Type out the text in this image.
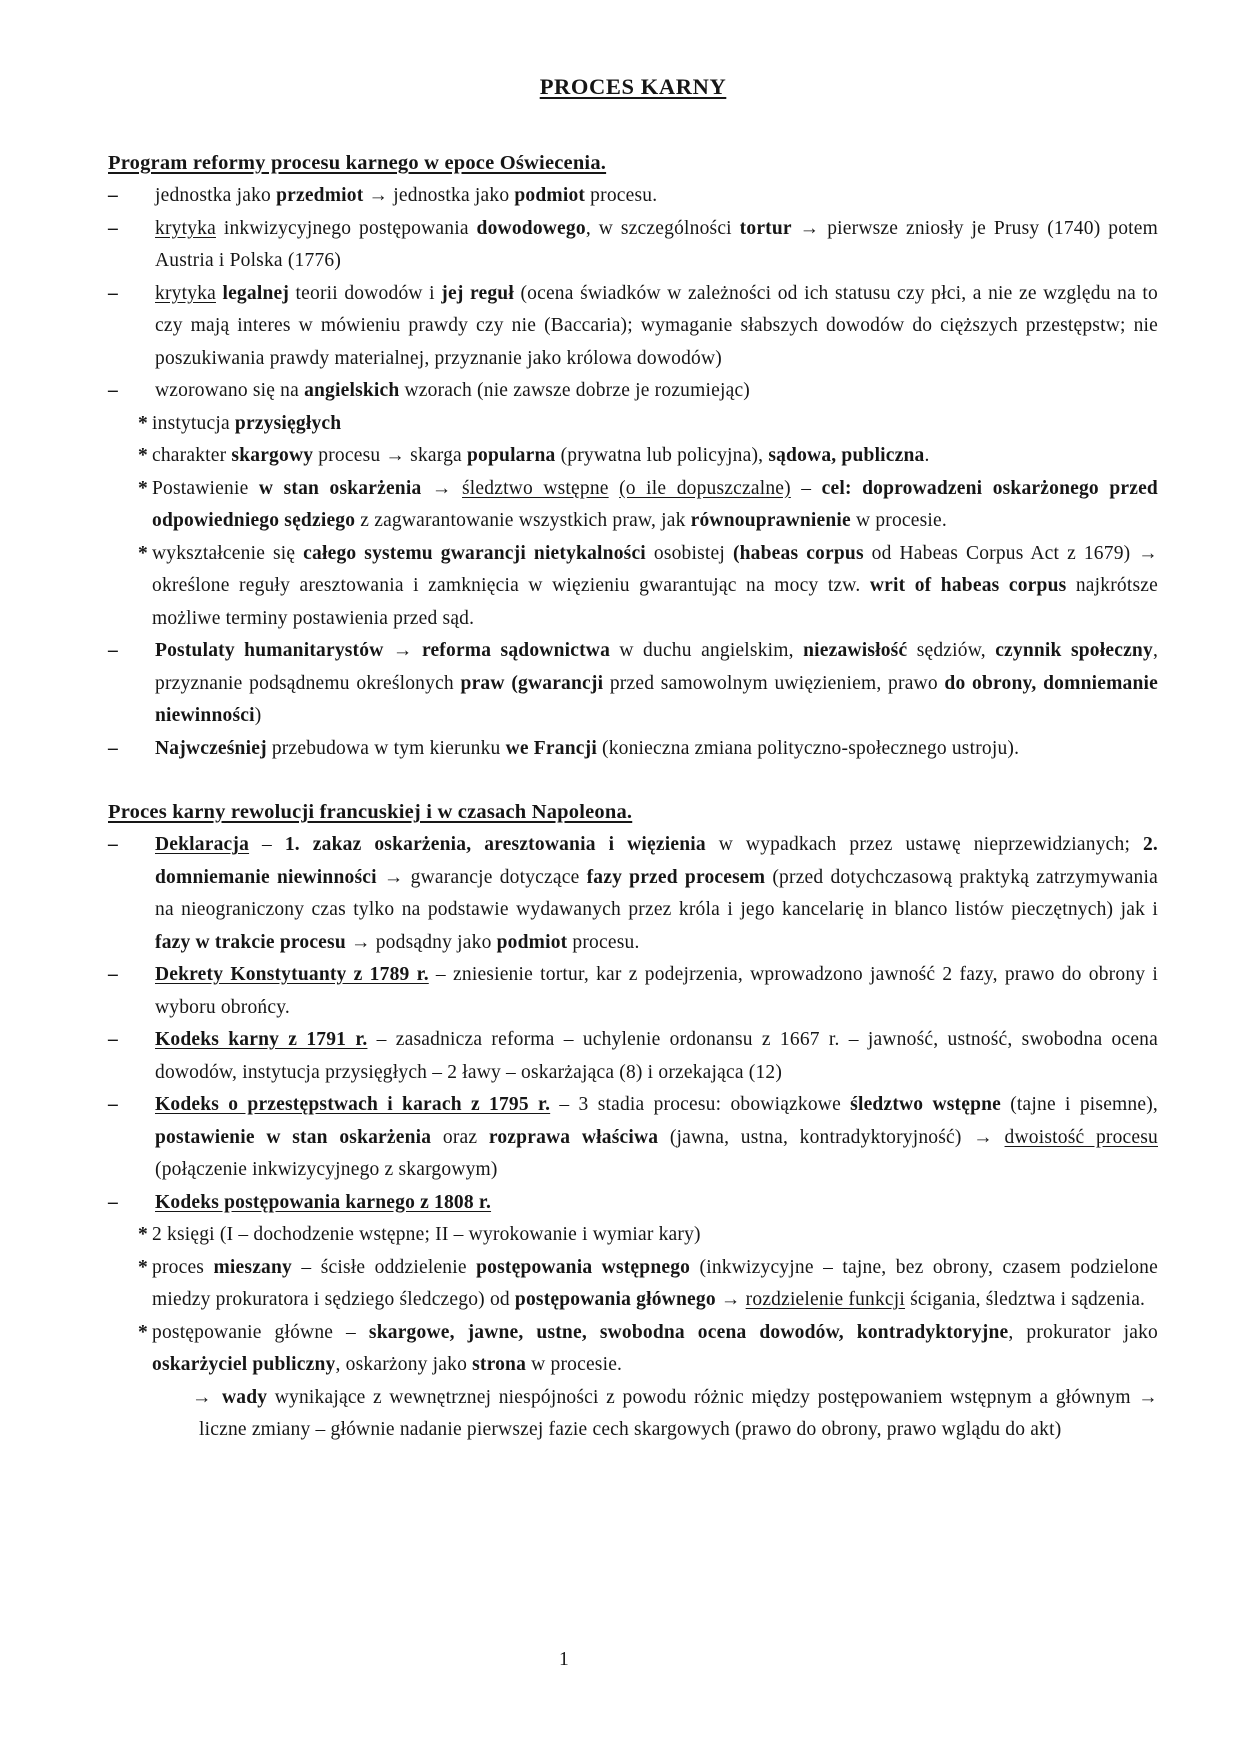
PROCES KARNY
Program reformy procesu karnego w epoce Oświecenia.
– jednostka jako przedmiot → jednostka jako podmiot procesu.
– krytyka inkwizycyjnego postępowania dowodowego, w szczególności tortur → pierwsze zniosły je Prusy (1740) potem Austria i Polska (1776)
– krytyka legalnej teorii dowodów i jej reguł (ocena świadków w zależności od ich statusu czy płci, a nie ze względu na to czy mają interes w mówieniu prawdy czy nie (Baccaria); wymaganie słabszych dowodów do cięższych przestępstw; nie poszukiwania prawdy materialnej, przyznanie jako królowa dowodów)
– wzorowano się na angielskich wzorach (nie zawsze dobrze je rozumiejąc)
* instytucja przysięgłych
* charakter skargowy procesu → skarga popularna (prywatna lub policyjna), sądowa, publiczna.
* Postawienie w stan oskarżenia → śledztwo wstępne (o ile dopuszczalne) – cel: doprowadzeni oskarżonego przed odpowiedniego sędziego z zagwarantowanie wszystkich praw, jak równouprawnienie w procesie.
* wykształcenie się całego systemu gwarancji nietykalności osobistej (habeas corpus od Habeas Corpus Act z 1679) → określone reguły aresztowania i zamknięcia w więzieniu gwarantując na mocy tzw. writ of habeas corpus najkrótsze możliwe terminy postawienia przed sąd.
– Postulaty humanitarystów → reforma sądownictwa w duchu angielskim, niezawisłość sędziów, czynnik społeczny, przyznanie podsądnemu określonych praw (gwarancji przed samowolnym uwięzieniem, prawo do obrony, domniemanie niewinności)
– Najwcześniej przebudowa w tym kierunku we Francji (konieczna zmiana polityczno-społecznego ustroju).
Proces karny rewolucji francuskiej i w czasach Napoleona.
– Deklaracja – 1. zakaz oskarżenia, aresztowania i więzienia w wypadkach przez ustawę nieprzewidzianych; 2. domniemanie niewinności → gwarancje dotyczące fazy przed procesem (przed dotychczasową praktyką zatrzymywania na nieograniczony czas tylko na podstawie wydawanych przez króla i jego kancelarię in blanco listów pieczętnych) jak i fazy w trakcie procesu → podsądny jako podmiot procesu.
– Dekrety Konstytuanty z 1789 r. – zniesienie tortur, kar z podejrzenia, wprowadzono jawność 2 fazy, prawo do obrony i wyboru obrońcy.
– Kodeks karny z 1791 r. – zasadnicza reforma – uchylenie ordonansu z 1667 r. – jawność, ustność, swobodna ocena dowodów, instytucja przysięgłych – 2 ławy – oskarżająca (8) i orzekająca (12)
– Kodeks o przestępstwach i karach z 1795 r. – 3 stadia procesu: obowiązkowe śledztwo wstępne (tajne i pisemne), postawienie w stan oskarżenia oraz rozprawa właściwa (jawna, ustna, kontradyktoryjność) → dwoistość procesu (połączenie inkwizycyjnego z skargowym)
– Kodeks postępowania karnego z 1808 r.
* 2 księgi (I – dochodzenie wstępne; II – wyrokowanie i wymiar kary)
* proces mieszany – ścisłe oddzielenie postępowania wstępnego (inkwizycyjne – tajne, bez obrony, czasem podzielone miedzy prokuratora i sędziego śledczego) od postępowania głównego → rozdzielenie funkcji ścigania, śledztwa i sądzenia.
* postępowanie główne – skargowe, jawne, ustne, swobodna ocena dowodów, kontradyktoryjne, prokurator jako oskarżyciel publiczny, oskarżony jako strona w procesie.
→ wady wynikające z wewnętrznej niespójności z powodu różnic między postępowaniem wstępnym a głównym → liczne zmiany – głównie nadanie pierwszej fazie cech skargowych (prawo do obrony, prawo wglądu do akt)
1
